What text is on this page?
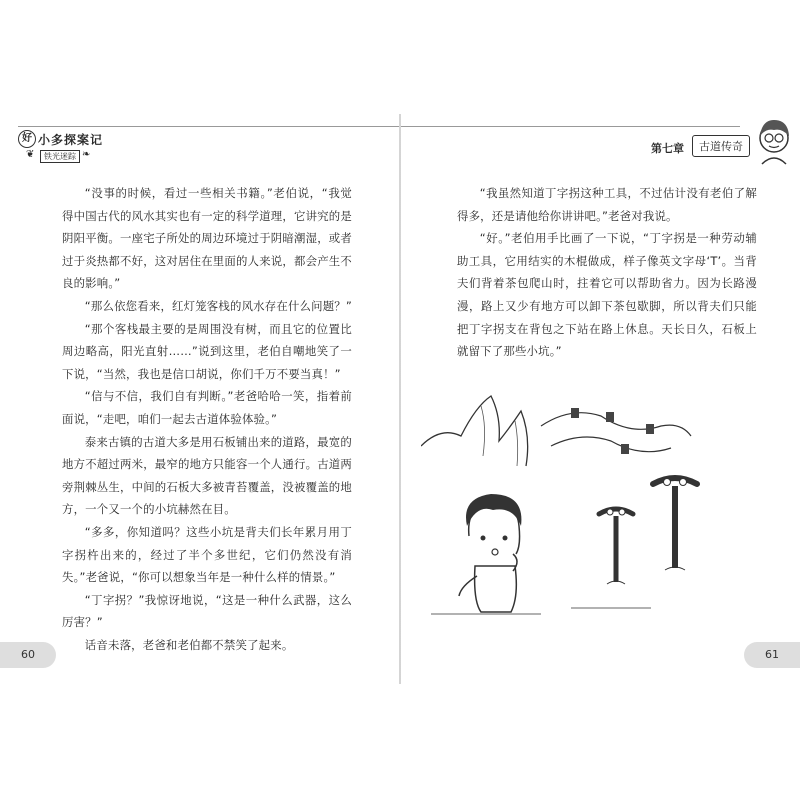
好 小多探案记
❦	铁光迷踪 ❧

“没事的时候，看过一些相关书籍。”老伯说，“我觉得中国古代的风水其实也有一定的科学道理，它讲究的是阴阳平衡。一座宅子所处的周边环境过于阴暗潮湿，或者过于炎热都不好，这对居住在里面的人来说，都会产生不良的影响。”

“那么依您看来，红灯笼客栈的风水存在什么问题？”

“那个客栈最主要的是周围没有树，而且它的位置比周边略高，阳光直射……”说到这里，老伯自嘲地笑了一下说，“当然，我也是信口胡说，你们千万不要当真！”

“信与不信，我们自有判断。”老爸哈哈一笑，指着前面说，“走吧，咱们一起去古道体验体验。”

泰来古镇的古道大多是用石板铺出来的道路，最宽的地方不超过两米，最窄的地方只能容一个人通行。古道两旁荆棘丛生，中间的石板大多被青苔覆盖，没被覆盖的地方，一个又一个的小坑赫然在目。

“多多，你知道吗？这些小坑是背夫们长年累月用丁字拐杵出来的，经过了半个多世纪，它们仍然没有消失。”老爸说，“你可以想象当年是一种什么样的情景。”

“丁字拐？”我惊讶地说，“这是一种什么武器，这么厉害？”

话音未落，老爸和老伯都不禁笑了起来。

60
第七章	古道传奇

“我虽然知道丁字拐这种工具，不过估计没有老伯了解得多，还是请他给你讲讲吧。”老爸对我说。

“好。”老伯用手比画了一下说，“丁字拐是一种劳动辅助工具，它用结实的木棍做成，样子像英文字母‘T’。当背夫们背着茶包爬山时，拄着它可以帮助省力。因为长路漫漫，路上又少有地方可以卸下茶包歇脚，所以背夫们只能把丁字拐支在背包之下站在路上休息。天长日久，石板上就留下了那些小坑。”

61
